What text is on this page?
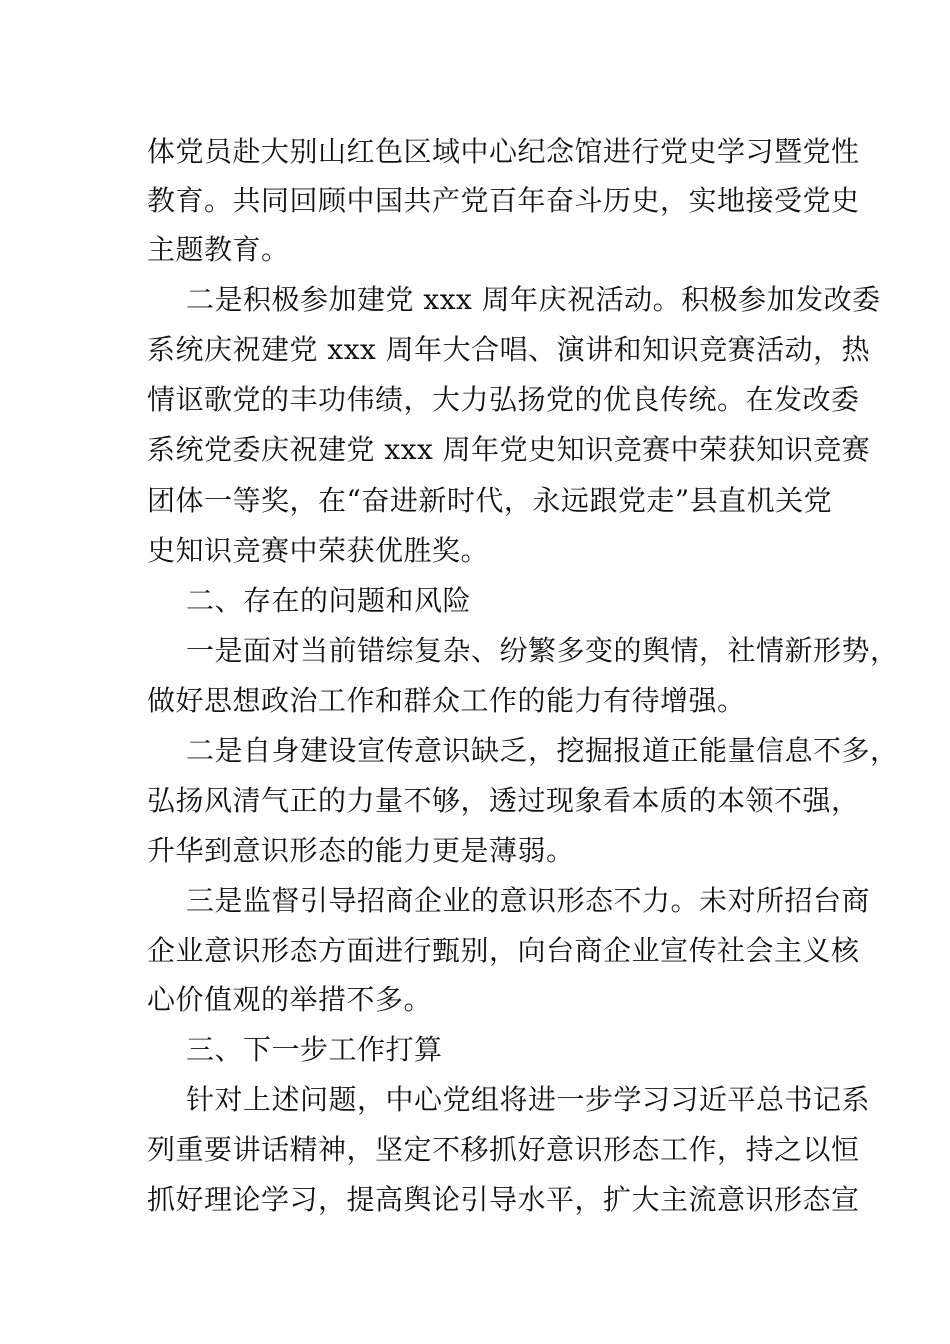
体党员赴大别山红色区域中心纪念馆进行党史学习暨党性
教育。共同回顾中国共产党百年奋斗历史，实地接受党史
主题教育。
二是积极参加建党 xxx 周年庆祝活动。积极参加发改委
系统庆祝建党 xxx 周年大合唱、演讲和知识竞赛活动，热
情讴歌党的丰功伟绩，大力弘扬党的优良传统。在发改委
系统党委庆祝建党 xxx 周年党史知识竞赛中荣获知识竞赛
团体一等奖，在“奋进新时代，永远跟党走”县直机关党
史知识竞赛中荣获优胜奖。
二、存在的问题和风险
一是面对当前错综复杂、纷繁多变的舆情，社情新形势，
做好思想政治工作和群众工作的能力有待增强。
二是自身建设宣传意识缺乏，挖掘报道正能量信息不多，
弘扬风清气正的力量不够，透过现象看本质的本领不强，
升华到意识形态的能力更是薄弱。
三是监督引导招商企业的意识形态不力。未对所招台商
企业意识形态方面进行甄别，向台商企业宣传社会主义核
心价值观的举措不多。
三、下一步工作打算
针对上述问题，中心党组将进一步学习习近平总书记系
列重要讲话精神，坚定不移抓好意识形态工作，持之以恒
抓好理论学习，提高舆论引导水平，扩大主流意识形态宣
